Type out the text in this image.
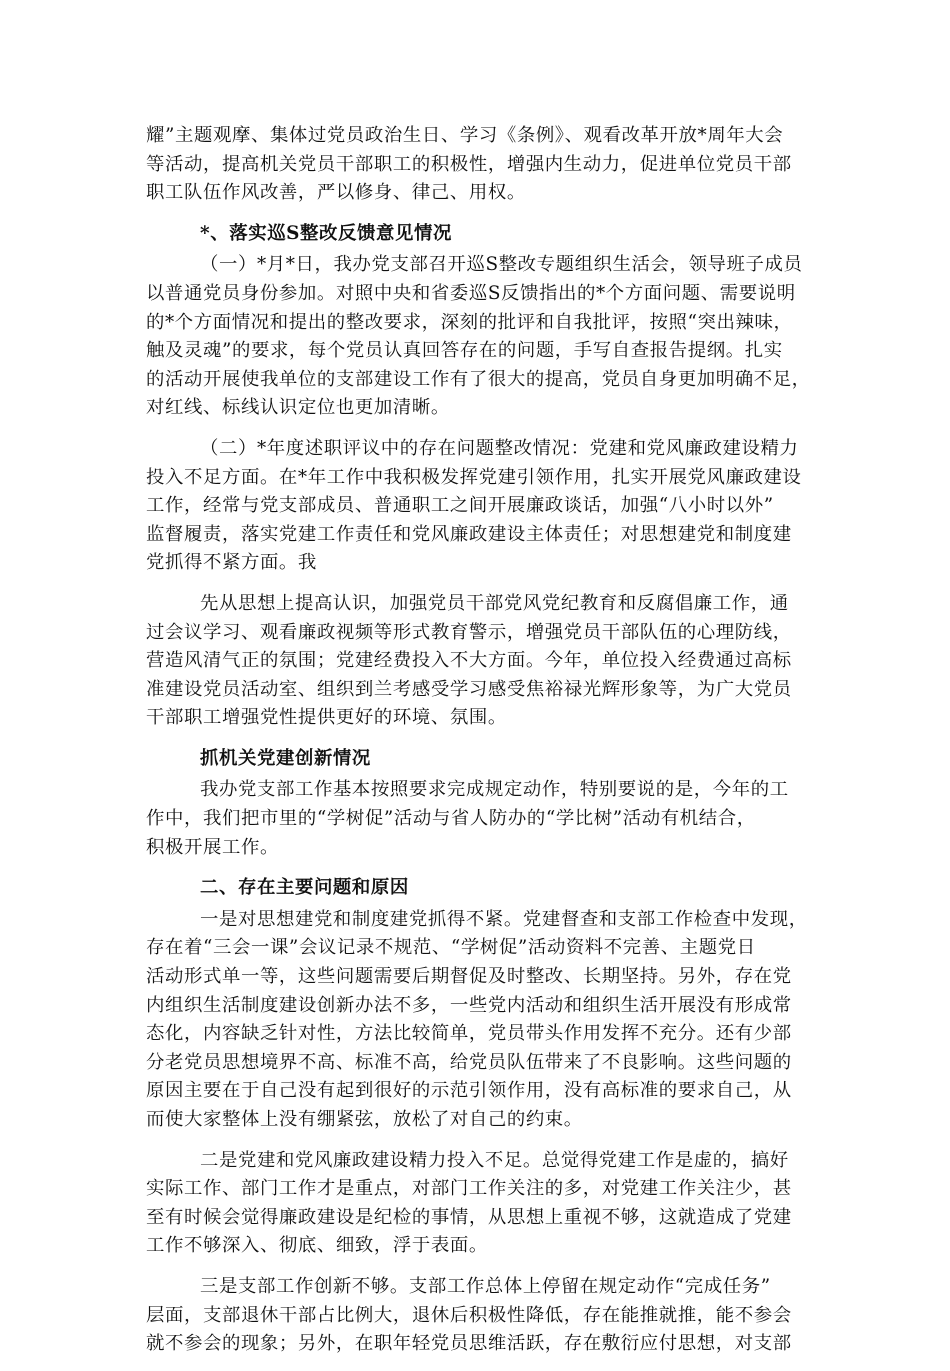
耀”主题观摩、集体过党员政治生日、学习《条例》、观看改革开放*周年大会
等活动，提高机关党员干部职工的积极性，增强内生动力，促进单位党员干部
职工队伍作风改善，严以修身、律己、用权。
*、落实巡S整改反馈意见情况
（一）*月*日，我办党支部召开巡S整改专题组织生活会，领导班子成员
以普通党员身份参加。对照中央和省委巡S反馈指出的*个方面问题、需要说明
的*个方面情况和提出的整改要求，深刻的批评和自我批评，按照“突出辣味，
触及灵魂”的要求，每个党员认真回答存在的问题，手写自查报告提纲。扎实
的活动开展使我单位的支部建设工作有了很大的提高，党员自身更加明确不足，
对红线、标线认识定位也更加清晰。
（二）*年度述职评议中的存在问题整改情况：党建和党风廉政建设精力
投入不足方面。在*年工作中我积极发挥党建引领作用，扎实开展党风廉政建设
工作，经常与党支部成员、普通职工之间开展廉政谈话，加强“八小时以外”
监督履责，落实党建工作责任和党风廉政建设主体责任；对思想建党和制度建
党抓得不紧方面。我
先从思想上提高认识，加强党员干部党风党纪教育和反腐倡廉工作，通
过会议学习、观看廉政视频等形式教育警示，增强党员干部队伍的心理防线，
营造风清气正的氛围；党建经费投入不大方面。今年，单位投入经费通过高标
准建设党员活动室、组织到兰考感受学习感受焦裕禄光辉形象等，为广大党员
干部职工增强党性提供更好的环境、氛围。
抓机关党建创新情况
我办党支部工作基本按照要求完成规定动作，特别要说的是，今年的工
作中，我们把市里的“学树促”活动与省人防办的“学比树”活动有机结合，
积极开展工作。
二、存在主要问题和原因
一是对思想建党和制度建党抓得不紧。党建督查和支部工作检查中发现，
存在着“三会一课”会议记录不规范、“学树促”活动资料不完善、主题党日
活动形式单一等，这些问题需要后期督促及时整改、长期坚持。另外，存在党
内组织生活制度建设创新办法不多，一些党内活动和组织生活开展没有形成常
态化，内容缺乏针对性，方法比较简单，党员带头作用发挥不充分。还有少部
分老党员思想境界不高、标准不高，给党员队伍带来了不良影响。这些问题的
原因主要在于自己没有起到很好的示范引领作用，没有高标准的要求自己，从
而使大家整体上没有绷紧弦，放松了对自己的约束。
二是党建和党风廉政建设精力投入不足。总觉得党建工作是虚的，搞好
实际工作、部门工作才是重点，对部门工作关注的多，对党建工作关注少，甚
至有时候会觉得廉政建设是纪检的事情，从思想上重视不够，这就造成了党建
工作不够深入、彻底、细致，浮于表面。
三是支部工作创新不够。支部工作总体上停留在规定动作“完成任务”
层面，支部退休干部占比例大，退休后积极性降低，存在能推就推，能不参会
就不参会的现象；另外，在职年轻党员思维活跃，存在敷衍应付思想，对支部
